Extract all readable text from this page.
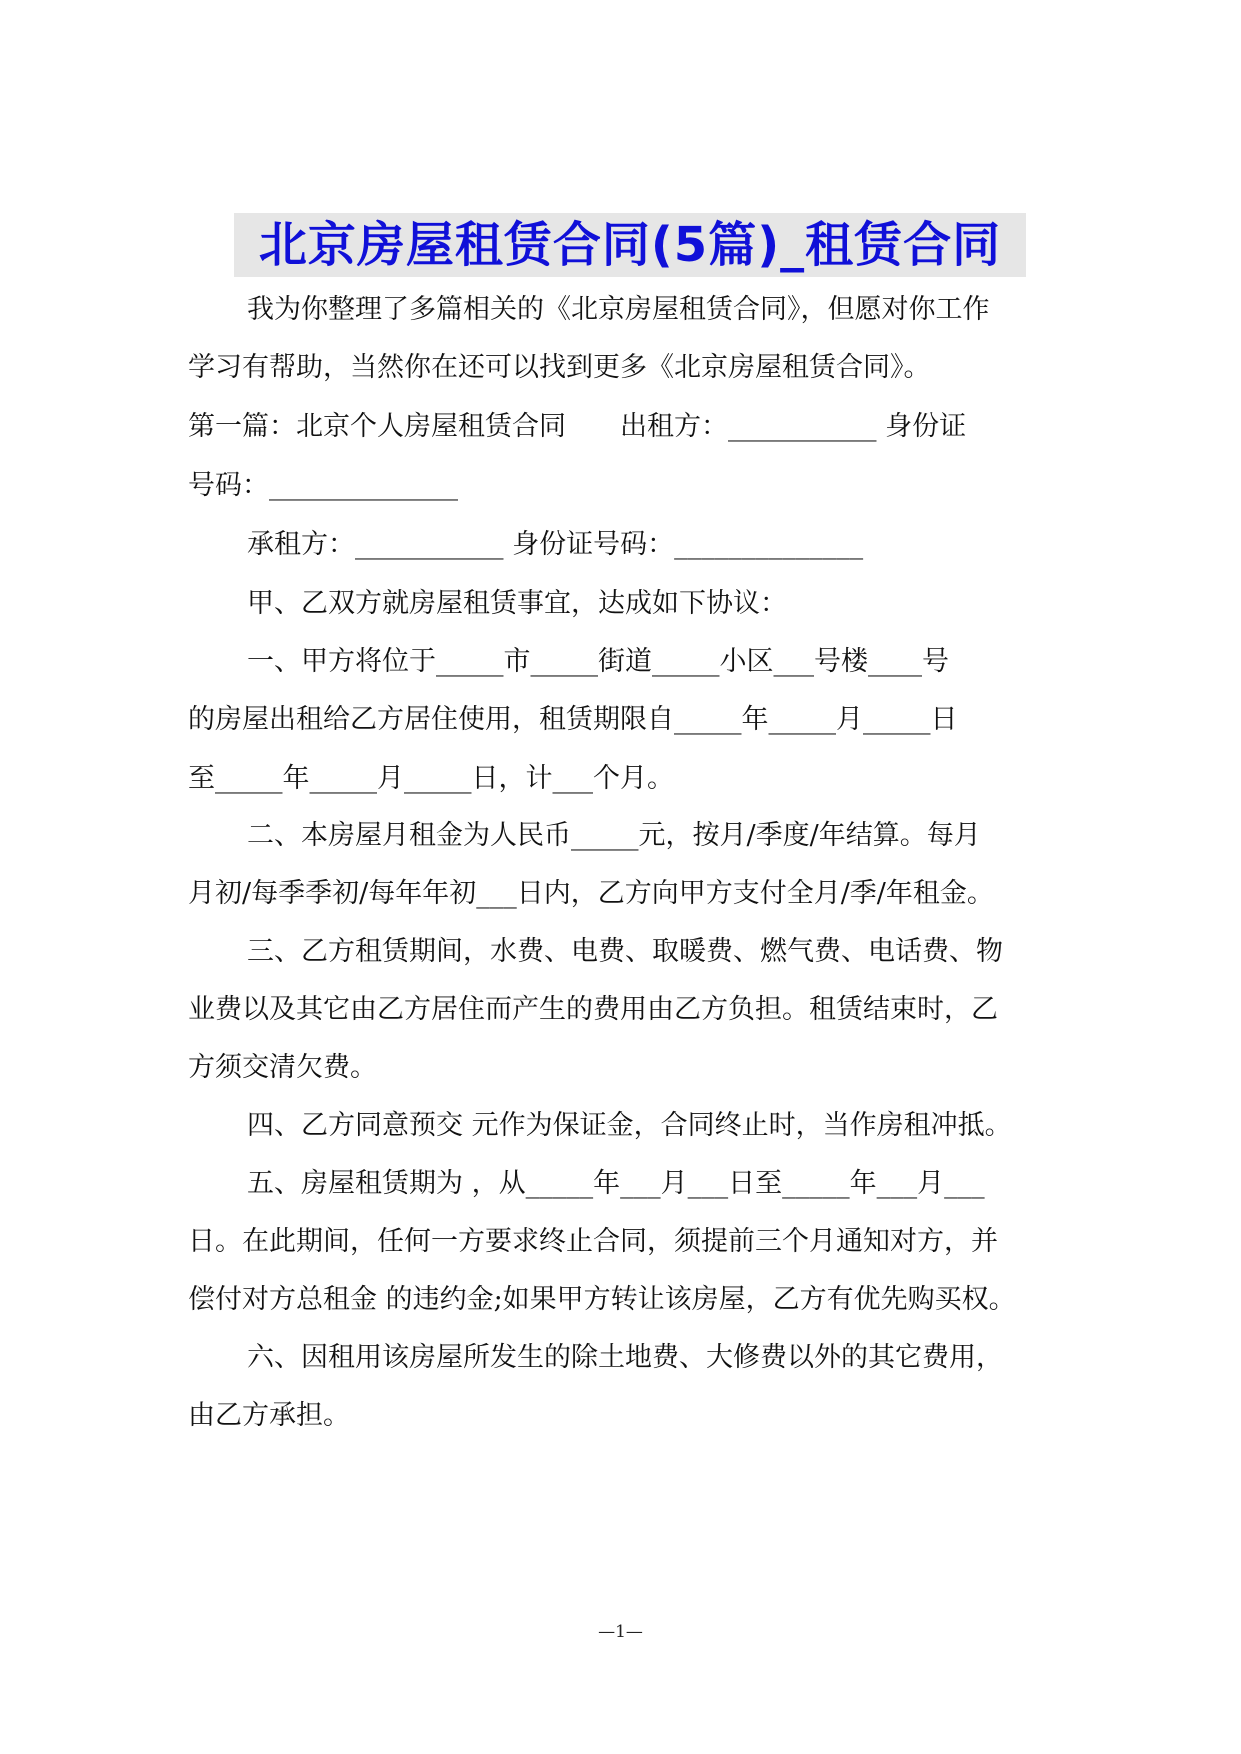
北京房屋租赁合同(5篇)_租赁合同
我为你整理了多篇相关的《北京房屋租赁合同》，但愿对你工作
学习有帮助，当然你在还可以找到更多《北京房屋租赁合同》。
第一篇：北京个人房屋租赁合同　　出租方：___________ 身份证
号码：______________
承租方：___________ 身份证号码：______________
甲、乙双方就房屋租赁事宜，达成如下协议：
一、甲方将位于_____市_____街道_____小区___号楼____号
的房屋出租给乙方居住使用，租赁期限自_____年_____月_____日
至_____年_____月_____日，计___个月。
二、本房屋月租金为人民币_____元，按月/季度/年结算。每月
月初/每季季初/每年年初___日内，乙方向甲方支付全月/季/年租金。
三、乙方租赁期间，水费、电费、取暖费、燃气费、电话费、物
业费以及其它由乙方居住而产生的费用由乙方负担。租赁结束时，乙
方须交清欠费。
四、乙方同意预交 元作为保证金，合同终止时，当作房租冲抵。
五、房屋租赁期为 ，从_____年___月___日至_____年___月___
日。在此期间，任何一方要求终止合同，须提前三个月通知对方，并
偿付对方总租金 的违约金;如果甲方转让该房屋，乙方有优先购买权。
六、因租用该房屋所发生的除土地费、大修费以外的其它费用，
由乙方承担。
—1—
